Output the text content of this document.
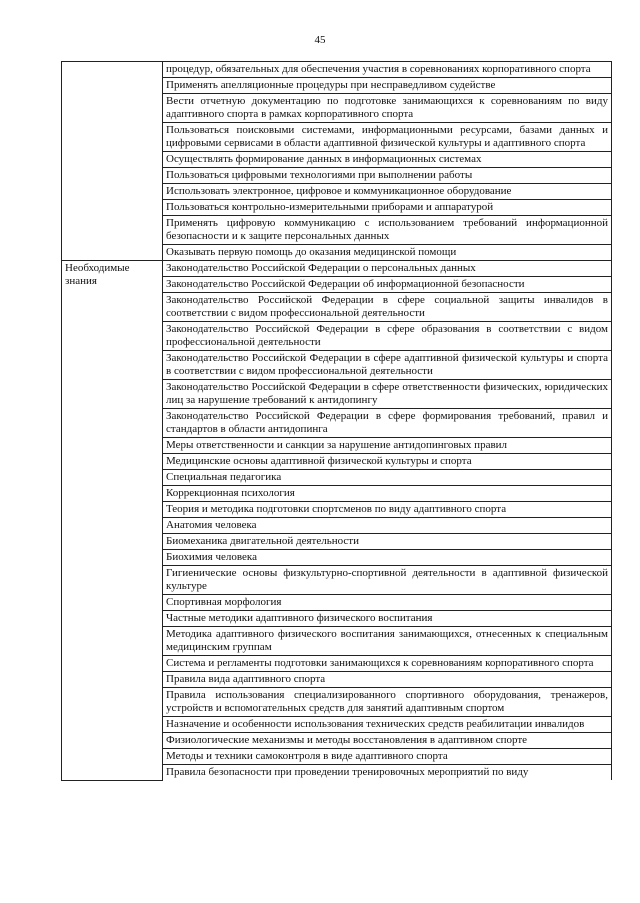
45
	процедур, обязательных для обеспечения участия в соревнованиях корпоративного спорта
	Применять апелляционные процедуры при несправедливом судействе
	Вести отчетную документацию по подготовке занимающихся к соревнованиям по виду адаптивного спорта в рамках корпоративного спорта
	Пользоваться поисковыми системами, информационными ресурсами, базами данных и цифровыми сервисами в области адаптивной физической культуры и адаптивного спорта
	Осуществлять формирование данных в информационных системах
	Пользоваться цифровыми технологиями при выполнении работы
	Использовать электронное, цифровое и коммуникационное оборудование
	Пользоваться контрольно-измерительными приборами и аппаратурой
	Применять цифровую коммуникацию с использованием требований информационной безопасности и к защите персональных данных
	Оказывать первую помощь до оказания медицинской помощи
Необходимые знания	Законодательство Российской Федерации о персональных данных
	Законодательство Российской Федерации об информационной безопасности
	Законодательство Российской Федерации в сфере социальной защиты инвалидов в соответствии с видом профессиональной деятельности
	Законодательство Российской Федерации в сфере образования в соответствии с видом профессиональной деятельности
	Законодательство Российской Федерации в сфере адаптивной физической культуры и спорта в соответствии с видом профессиональной деятельности
	Законодательство Российской Федерации в сфере ответственности физических, юридических лиц за нарушение требований к антидопингу
	Законодательство Российской Федерации в сфере формирования требований, правил и стандартов в области антидопинга
	Меры ответственности и санкции за нарушение антидопинговых правил
	Медицинские основы адаптивной физической культуры и спорта
	Специальная педагогика
	Коррекционная психология
	Теория и методика подготовки спортсменов по виду адаптивного спорта
	Анатомия человека
	Биомеханика двигательной деятельности
	Биохимия человека
	Гигиенические основы физкультурно-спортивной деятельности в адаптивной физической культуре
	Спортивная морфология
	Частные методики адаптивного физического воспитания
	Методика адаптивного физического воспитания занимающихся, отнесенных к специальным медицинским группам
	Система и регламенты подготовки занимающихся к соревнованиям корпоративного спорта
	Правила вида адаптивного спорта
	Правила использования специализированного спортивного оборудования, тренажеров, устройств и вспомогательных средств для занятий адаптивным спортом
	Назначение и особенности использования технических средств реабилитации инвалидов
	Физиологические механизмы и методы восстановления в адаптивном спорте
	Методы и техники самоконтроля в виде адаптивного спорта
	Правила безопасности при проведении тренировочных мероприятий по виду
